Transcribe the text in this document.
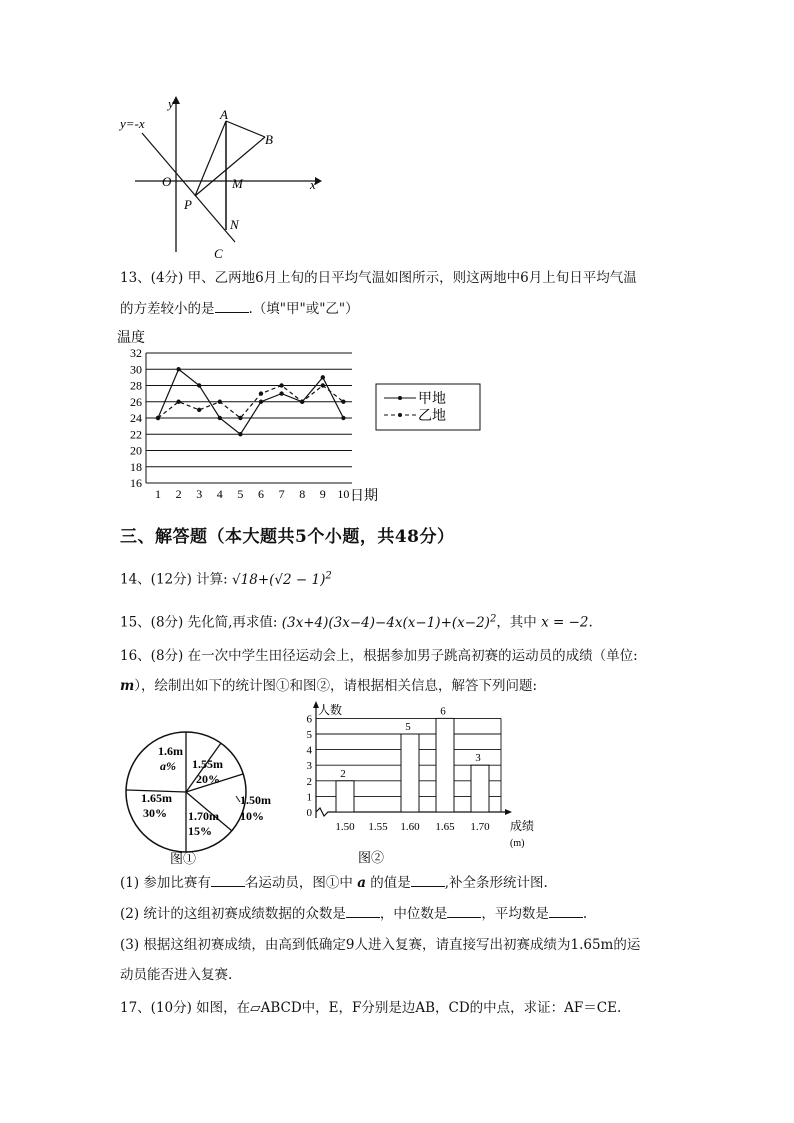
y=-x
y
x
O
A
B
M
P
N
C
13、(4分) 甲、乙两地6月上旬的日平均气温如图所示，则这两地中6月上旬日平均气温
的方差较小的是	.（填"甲"或"乙"）
温度
日期
16
18
20
22
24
26
28
30
32
1 2 3 4 5 6 7 8 9 10
甲地
乙地
三、解答题（本大题共5个小题，共48分）
14、(12分) 计算: $√18+(√2 - 1)^2$
15、(8分) 先化简,再求值: $(3x+4)(3x-4)-4x(x-1)+(x-2)^2$，其中 x = −2.
16、(8分) 在一次中学生田径运动会上，根据参加男子跳高初赛的运动员的成绩（单位:
m），绘制出如下的统计图①和图②，请根据相关信息，解答下列问题:
1.6m
a% 1.55m
20%
1.50m
10%
1.70m
15%
1.65m
30%
图①
人数
成绩
(m)
图②
0
1
2
3
4
5
6
1.50
2
1.55 1.60
5
1.65
6
1.70
3
(1) 参加比赛有	名运动员，图①中 a 的值是	,补全条形统计图.
(2) 统计的这组初赛成绩数据的众数是	，中位数是	，平均数是	.
(3) 根据这组初赛成绩，由高到低确定9人进入复赛，请直接写出初赛成绩为1.65m的运
动员能否进入复赛.
17、(10分) 如图，在▱ABCD中，E，F分别是边AB，CD的中点，求证：AF＝CE.
